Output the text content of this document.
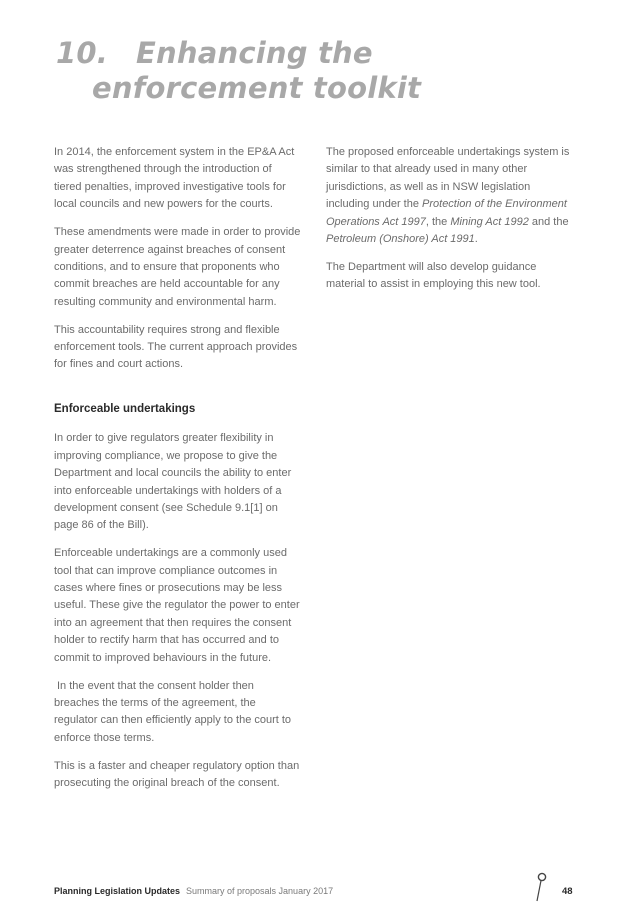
10. Enhancing the
enforcement toolkit

In 2014, the enforcement system in the EP&A Act was strengthened through the introduction of tiered penalties, improved investigative tools for local councils and new powers for the courts.

These amendments were made in order to provide greater deterrence against breaches of consent conditions, and to ensure that proponents who commit breaches are held accountable for any resulting community and environmental harm.

This accountability requires strong and flexible enforcement tools. The current approach provides for fines and court actions.

Enforceable undertakings

In order to give regulators greater flexibility in improving compliance, we propose to give the Department and local councils the ability to enter into enforceable undertakings with holders of a development consent (see Schedule 9.1[1] on page 86 of the Bill).

Enforceable undertakings are a commonly used tool that can improve compliance outcomes in cases where fines or prosecutions may be less useful. These give the regulator the power to enter into an agreement that then requires the consent holder to rectify harm that has occurred and to commit to improved behaviours in the future.

In the event that the consent holder then breaches the terms of the agreement, the regulator can then efficiently apply to the court to enforce those terms.

This is a faster and cheaper regulatory option than prosecuting the original breach of the consent.

The proposed enforceable undertakings system is similar to that already used in many other jurisdictions, as well as in NSW legislation including under the Protection of the Environment Operations Act 1997, the Mining Act 1992 and the Petroleum (Onshore) Act 1991.

The Department will also develop guidance material to assist in employing this new tool.

Planning Legislation Updates Summary of proposals January 2017	48
